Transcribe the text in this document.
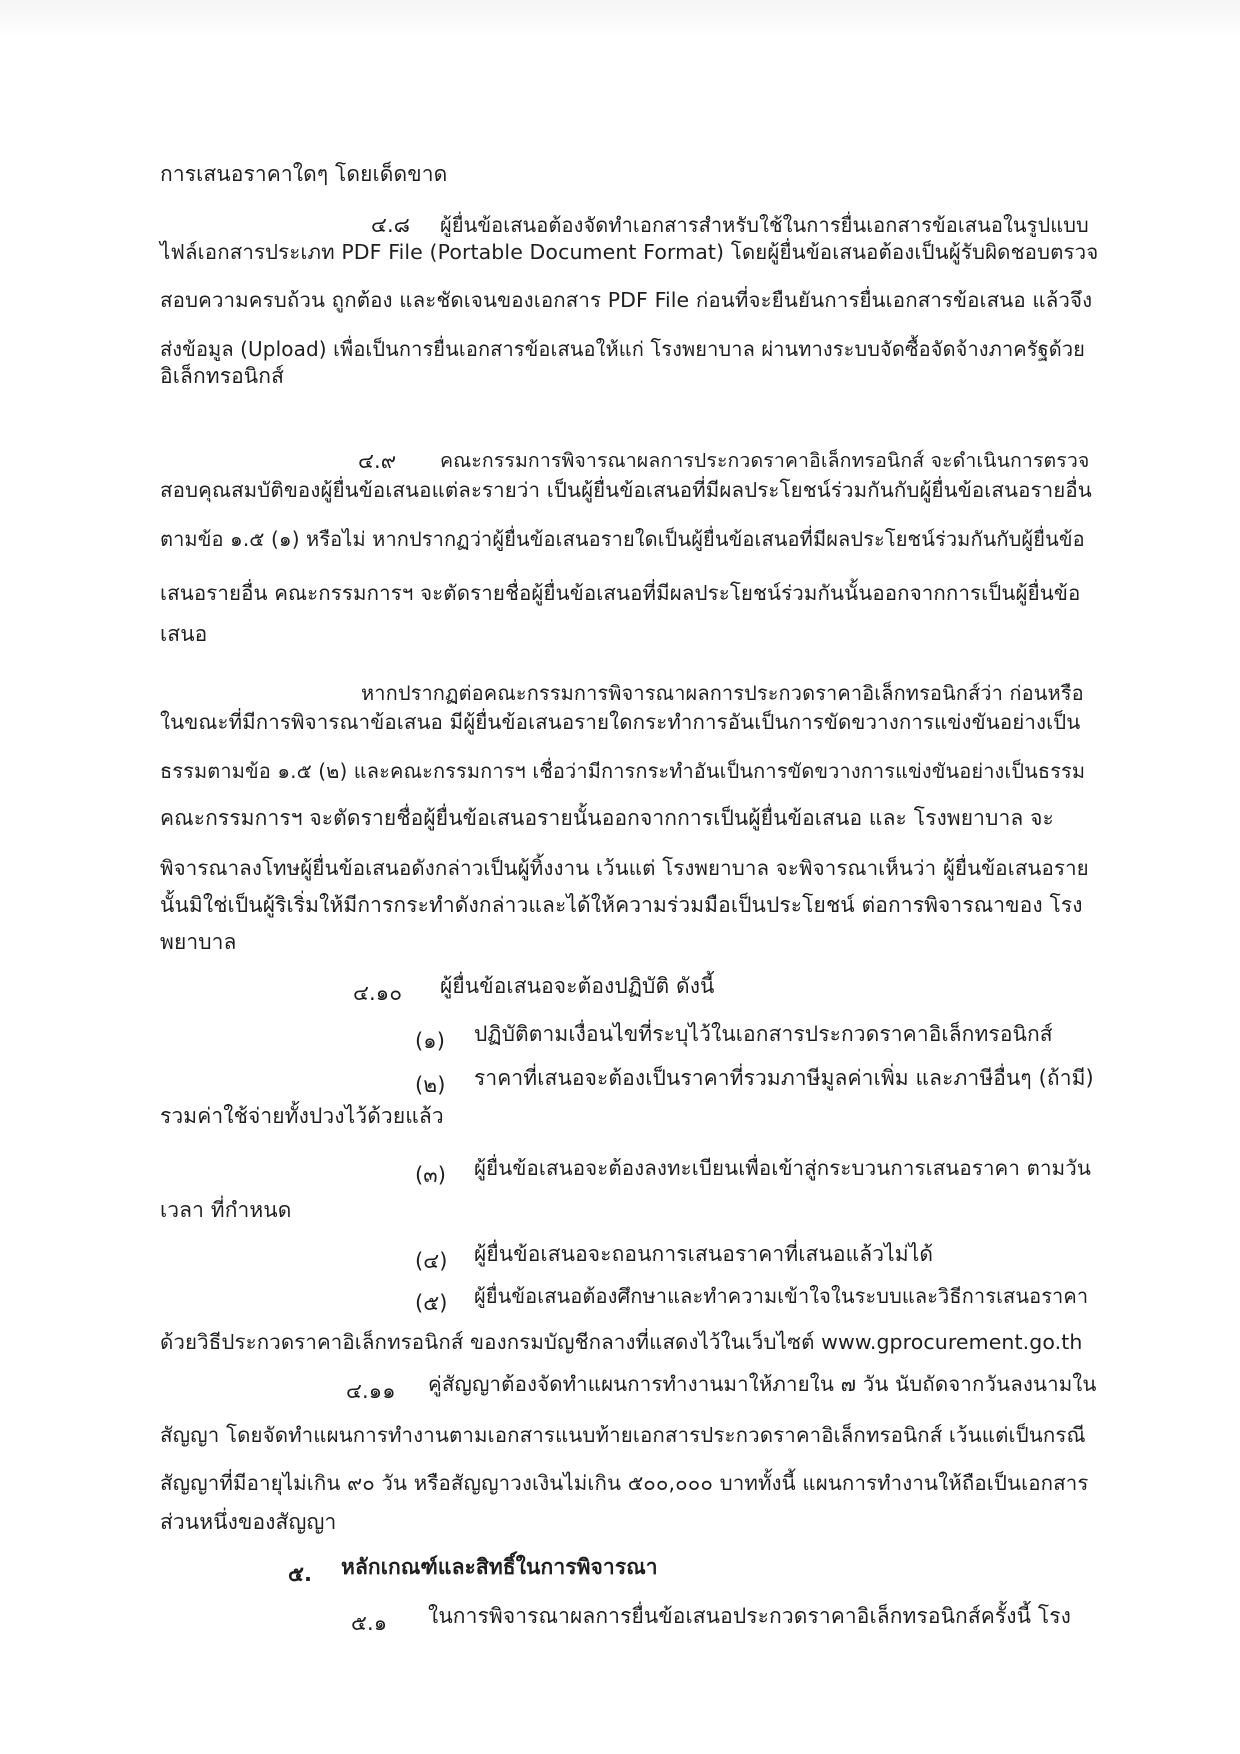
การเสนอราคาใดๆ โดยเด็ดขาด
๔.๘ ผู้ยื่นข้อเสนอต้องจัดทำเอกสารสำหรับใช้ในการยื่นเอกสารข้อเสนอในรูปแบบ
ไฟล์เอกสารประเภท PDF File (Portable Document Format) โดยผู้ยื่นข้อเสนอต้องเป็นผู้รับผิดชอบตรวจ
สอบความครบถ้วน ถูกต้อง และชัดเจนของเอกสาร PDF File ก่อนที่จะยืนยันการยื่นเอกสารข้อเสนอ แล้วจึง
ส่งข้อมูล (Upload) เพื่อเป็นการยื่นเอกสารข้อเสนอให้แก่ โรงพยาบาล ผ่านทางระบบจัดซื้อจัดจ้างภาครัฐด้วย
อิเล็กทรอนิกส์
๔.๙ คณะกรรมการพิจารณาผลการประกวดราคาอิเล็กทรอนิกส์ จะดำเนินการตรวจ
สอบคุณสมบัติของผู้ยื่นข้อเสนอแต่ละรายว่า เป็นผู้ยื่นข้อเสนอที่มีผลประโยชน์ร่วมกันกับผู้ยื่นข้อเสนอรายอื่น
ตามข้อ ๑.๕ (๑) หรือไม่ หากปรากฏว่าผู้ยื่นข้อเสนอรายใดเป็นผู้ยื่นข้อเสนอที่มีผลประโยชน์ร่วมกันกับผู้ยื่นข้อ
เสนอรายอื่น คณะกรรมการฯ จะตัดรายชื่อผู้ยื่นข้อเสนอที่มีผลประโยชน์ร่วมกันนั้นออกจากการเป็นผู้ยื่นข้อ
เสนอ
หากปรากฏต่อคณะกรรมการพิจารณาผลการประกวดราคาอิเล็กทรอนิกส์ว่า ก่อนหรือ
ในขณะที่มีการพิจารณาข้อเสนอ มีผู้ยื่นข้อเสนอรายใดกระทำการอันเป็นการขัดขวางการแข่งขันอย่างเป็น
ธรรมตามข้อ ๑.๕ (๒) และคณะกรรมการฯ เชื่อว่ามีการกระทำอันเป็นการขัดขวางการแข่งขันอย่างเป็นธรรม
คณะกรรมการฯ จะตัดรายชื่อผู้ยื่นข้อเสนอรายนั้นออกจากการเป็นผู้ยื่นข้อเสนอ และ โรงพยาบาล จะ
พิจารณาลงโทษผู้ยื่นข้อเสนอดังกล่าวเป็นผู้ทิ้งงาน เว้นแต่ โรงพยาบาล จะพิจารณาเห็นว่า ผู้ยื่นข้อเสนอราย
นั้นมิใช่เป็นผู้ริเริ่มให้มีการกระทำดังกล่าวและได้ให้ความร่วมมือเป็นประโยชน์ ต่อการพิจารณาของ โรง
พยาบาล
๔.๑๐ ผู้ยื่นข้อเสนอจะต้องปฏิบัติ ดังนี้
(๑) ปฏิบัติตามเงื่อนไขที่ระบุไว้ในเอกสารประกวดราคาอิเล็กทรอนิกส์
(๒) ราคาที่เสนอจะต้องเป็นราคาที่รวมภาษีมูลค่าเพิ่ม และภาษีอื่นๆ (ถ้ามี)
รวมค่าใช้จ่ายทั้งปวงไว้ด้วยแล้ว
(๓) ผู้ยื่นข้อเสนอจะต้องลงทะเบียนเพื่อเข้าสู่กระบวนการเสนอราคา ตามวัน
เวลา ที่กำหนด
(๔) ผู้ยื่นข้อเสนอจะถอนการเสนอราคาที่เสนอแล้วไม่ได้
(๕) ผู้ยื่นข้อเสนอต้องศึกษาและทำความเข้าใจในระบบและวิธีการเสนอราคา
ด้วยวิธีประกวดราคาอิเล็กทรอนิกส์ ของกรมบัญชีกลางที่แสดงไว้ในเว็บไซต์ www.gprocurement.go.th
๔.๑๑ คู่สัญญาต้องจัดทำแผนการทำงานมาให้ภายใน ๗ วัน นับถัดจากวันลงนามใน
สัญญา โดยจัดทำแผนการทำงานตามเอกสารแนบท้ายเอกสารประกวดราคาอิเล็กทรอนิกส์ เว้นแต่เป็นกรณี
สัญญาที่มีอายุไม่เกิน ๙๐ วัน หรือสัญญาวงเงินไม่เกิน ๕๐๐,๐๐๐ บาททั้งนี้ แผนการทำงานให้ถือเป็นเอกสาร
ส่วนหนึ่งของสัญญา
๕. หลักเกณฑ์และสิทธิ์ในการพิจารณา
๕.๑ ในการพิจารณาผลการยื่นข้อเสนอประกวดราคาอิเล็กทรอนิกส์ครั้งนี้ โรง
